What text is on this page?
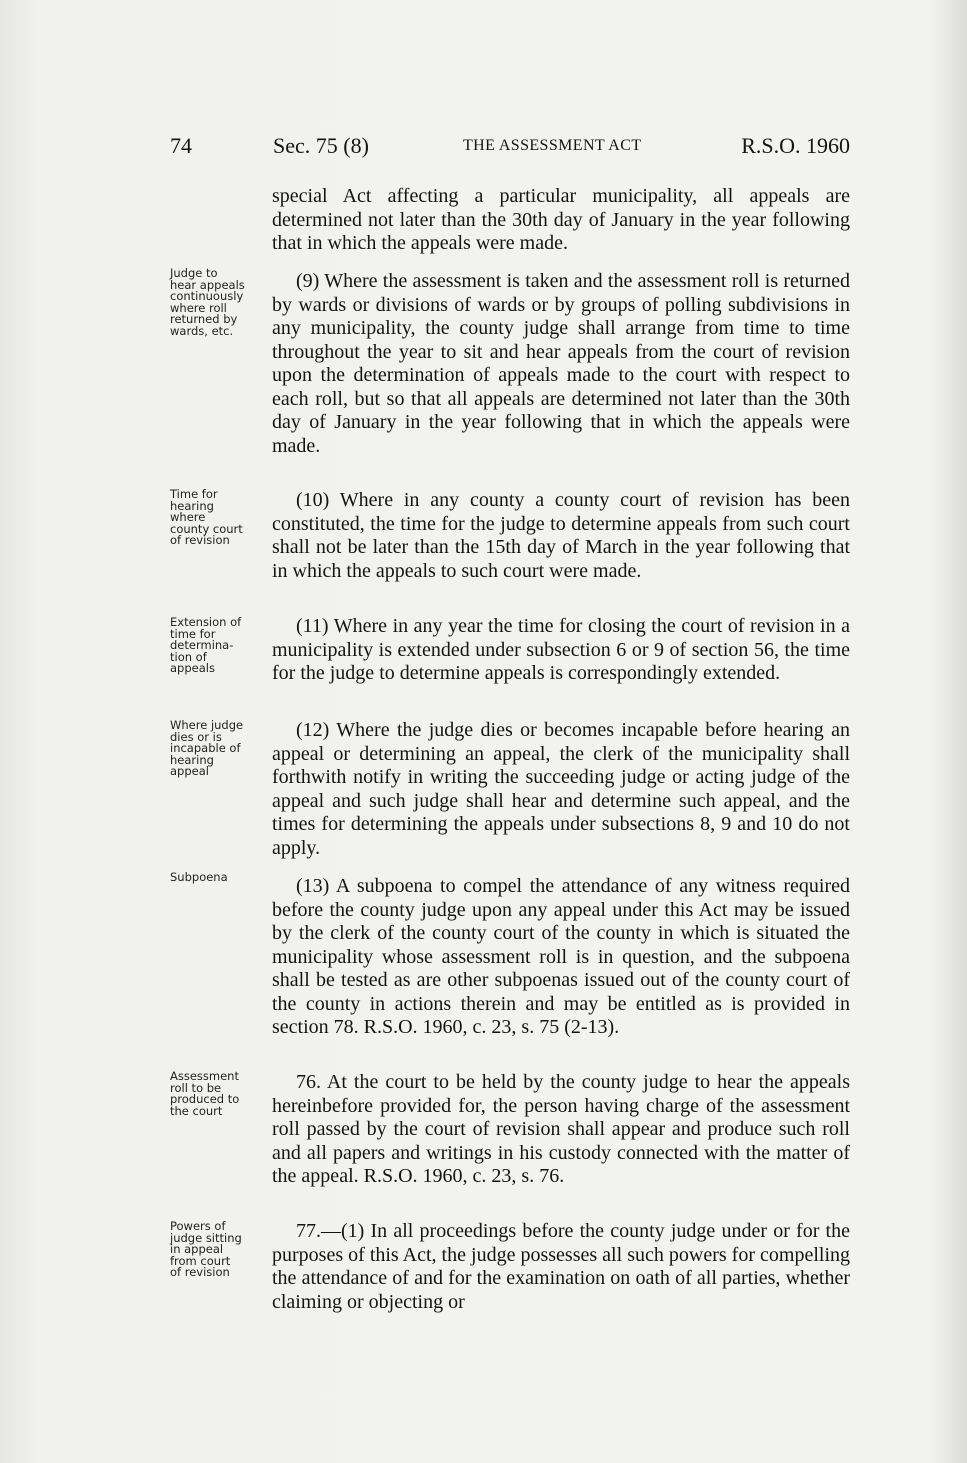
74	Sec. 75 (8)	THE ASSESSMENT ACT	R.S.O. 1960
Judge to
hear appeals
continuously
where roll
returned by
wards, etc.
Time for
hearing
where
county court
of revision
Extension of
time for
determina-
tion of
appeals
Where judge
dies or is
incapable of
hearing
appeal
Subpoena
Assessment
roll to be
produced to
the court
Powers of
judge sitting
in appeal
from court
of revision

special Act affecting a particular municipality, all appeals are determined not later than the 30th day of January in the year following that in which the appeals were made.

(9) Where the assessment is taken and the assessment roll is returned by wards or divisions of wards or by groups of polling subdivisions in any municipality, the county judge shall arrange from time to time throughout the year to sit and hear appeals from the court of revision upon the determination of appeals made to the court with respect to each roll, but so that all appeals are determined not later than the 30th day of January in the year following that in which the appeals were made.

(10) Where in any county a county court of revision has been constituted, the time for the judge to determine appeals from such court shall not be later than the 15th day of March in the year following that in which the appeals to such court were made.

(11) Where in any year the time for closing the court of revision in a municipality is extended under subsection 6 or 9 of section 56, the time for the judge to determine appeals is correspondingly extended.

(12) Where the judge dies or becomes incapable before hearing an appeal or determining an appeal, the clerk of the municipality shall forthwith notify in writing the succeeding judge or acting judge of the appeal and such judge shall hear and determine such appeal, and the times for determining the appeals under subsections 8, 9 and 10 do not apply.

(13) A subpoena to compel the attendance of any witness required before the county judge upon any appeal under this Act may be issued by the clerk of the county court of the county in which is situated the municipality whose assessment roll is in question, and the subpoena shall be tested as are other subpoenas issued out of the county court of the county in actions therein and may be entitled as is provided in section 78. R.S.O. 1960, c. 23, s. 75 (2-13).

76. At the court to be held by the county judge to hear the appeals hereinbefore provided for, the person having charge of the assessment roll passed by the court of revision shall appear and produce such roll and all papers and writings in his custody connected with the matter of the appeal. R.S.O. 1960, c. 23, s. 76.

77.—(1) In all proceedings before the county judge under or for the purposes of this Act, the judge possesses all such powers for compelling the attendance of and for the examination on oath of all parties, whether claiming or objecting or
